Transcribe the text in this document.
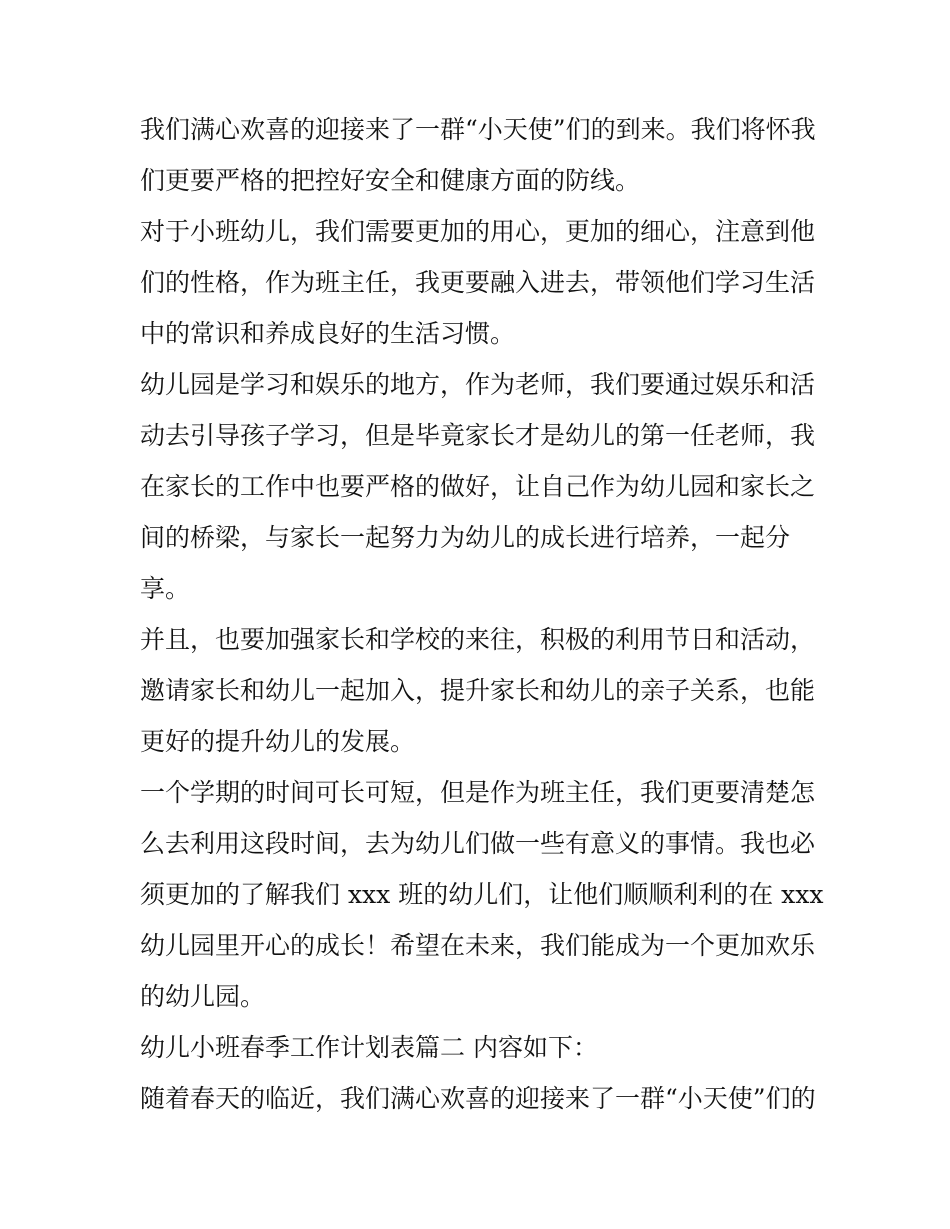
我们满心欢喜的迎接来了一群“小天使”们的到来。我们将怀我
们更要严格的把控好安全和健康方面的防线。

对于小班幼儿，我们需要更加的用心，更加的细心，注意到他
们的性格，作为班主任，我更要融入进去，带领他们学习生活
中的常识和养成良好的生活习惯。

幼儿园是学习和娱乐的地方，作为老师，我们要通过娱乐和活
动去引导孩子学习，但是毕竟家长才是幼儿的第一任老师，我
在家长的工作中也要严格的做好，让自己作为幼儿园和家长之
间的桥梁，与家长一起努力为幼儿的成长进行培养，一起分
享。

并且，也要加强家长和学校的来往，积极的利用节日和活动，
邀请家长和幼儿一起加入，提升家长和幼儿的亲子关系，也能
更好的提升幼儿的发展。

一个学期的时间可长可短，但是作为班主任，我们更要清楚怎
么去利用这段时间，去为幼儿们做一些有意义的事情。我也必
须更加的了解我们 xxx 班的幼儿们，让他们顺顺利利的在 xxx
幼儿园里开心的成长！希望在未来，我们能成为一个更加欢乐
的幼儿园。

幼儿小班春季工作计划表篇二 内容如下：

随着春天的临近，我们满心欢喜的迎接来了一群“小天使”们的
